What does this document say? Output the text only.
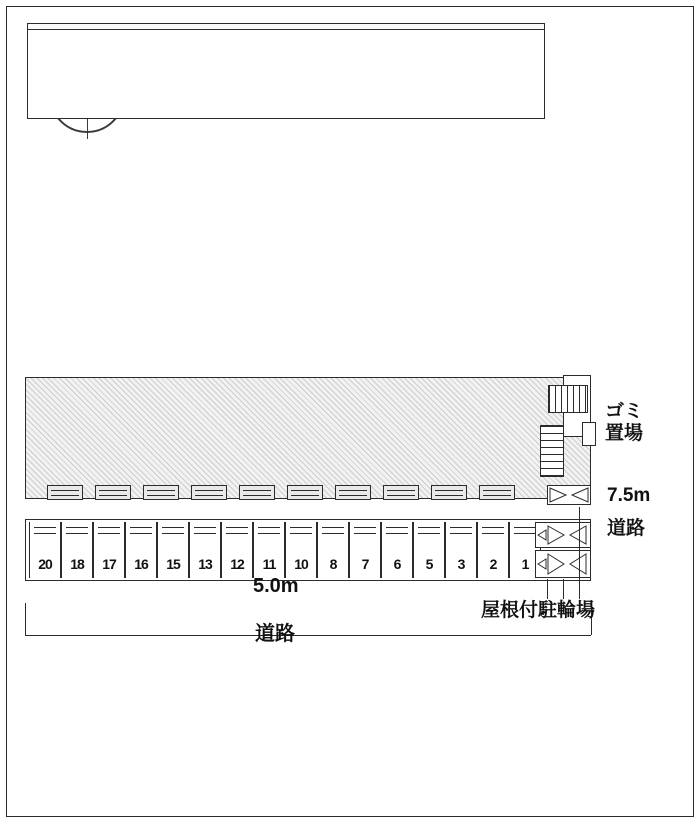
20	18	17	16	15	13	12	11	10	8	7	6	5	3	2	1
ゴミ
置場
7.5m
道路
5.0m
道路
屋根付駐輪場
